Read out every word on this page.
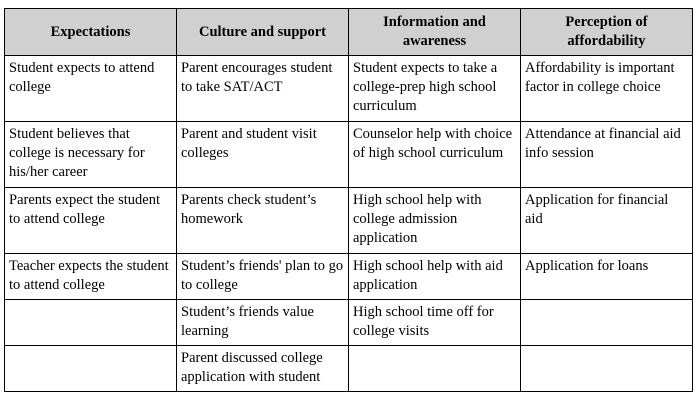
Expectations	Culture and support	Information and awareness	Perception of affordability
Student expects to attend college	Parent encourages student to take SAT/ACT	Student expects to take a college-prep high school curriculum	Affordability is important factor in college choice
Student believes that college is necessary for his/her career	Parent and student visit colleges	Counselor help with choice of high school curriculum	Attendance at financial aid info session
Parents expect the student to attend college	Parents check student’s homework	High school help with college admission application	Application for financial aid
Teacher expects the student to attend college	Student’s friends' plan to go to college	High school help with aid application	Application for loans
	Student’s friends value learning	High school time off for college visits	
	Parent discussed college application with student		
